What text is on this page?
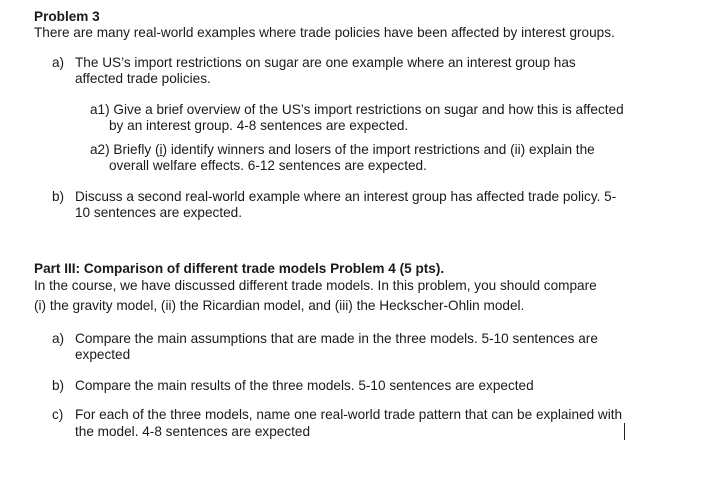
Problem 3
There are many real-world examples where trade policies have been affected by interest groups.
a) The US’s import restrictions on sugar are one example where an interest group has
affected trade policies.
a1) Give a brief overview of the US’s import restrictions on sugar and how this is affected
by an interest group. 4-8 sentences are expected.
a2) Briefly (i) identify winners and losers of the import restrictions and (ii) explain the
overall welfare effects. 6-12 sentences are expected.
b) Discuss a second real-world example where an interest group has affected trade policy. 5-
10 sentences are expected.
Part III: Comparison of different trade models Problem 4 (5 pts).
In the course, we have discussed different trade models. In this problem, you should compare
(i) the gravity model, (ii) the Ricardian model, and (iii) the Heckscher-Ohlin model.
a) Compare the main assumptions that are made in the three models. 5-10 sentences are
expected
b) Compare the main results of the three models. 5-10 sentences are expected
c) For each of the three models, name one real-world trade pattern that can be explained with
the model. 4-8 sentences are expected
